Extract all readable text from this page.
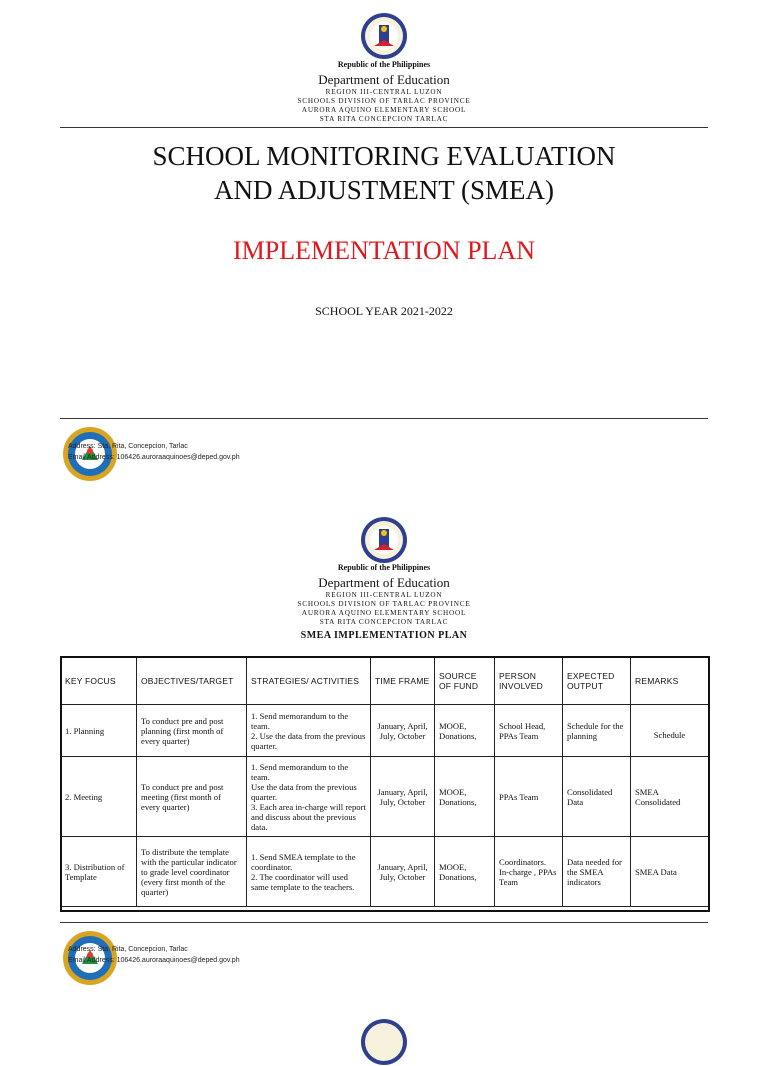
Republic of the Philippines
Department of Education
REGION III-CENTRAL LUZON
SCHOOLS DIVISION OF TARLAC PROVINCE
AURORA AQUINO ELEMENTARY SCHOOL
STA RITA CONCEPCION TARLAC
SCHOOL MONITORING EVALUATION
AND ADJUSTMENT (SMEA)
IMPLEMENTATION PLAN
SCHOOL YEAR 2021-2022
Address: Sta. Rita, Concepcion, Tarlac
Email Address: 106426.auroraaquinoes@deped.gov.ph
Republic of the Philippines
Department of Education
REGION III-CENTRAL LUZON
SCHOOLS DIVISION OF TARLAC PROVINCE
AURORA AQUINO ELEMENTARY SCHOOL
STA RITA CONCEPCION TARLAC
SMEA IMPLEMENTATION PLAN
KEY FOCUS	OBJECTIVES/TARGET	STRATEGIES/ ACTIVITIES	TIME FRAME	SOURCE OF FUND	PERSON INVOLVED	EXPECTED OUTPUT	REMARKS
1. Planning	To conduct pre and post planning (first month of every quarter)	1. Send memorandum to the team.
2. Use the data from the previous quarter.	January, April, July, October	MOOE, Donations,	School Head, PPAs Team	Schedule for the planning	Schedule
2. Meeting	To conduct pre and post meeting (first month of every quarter)	1. Send memorandum to the team.
Use the data from the previous quarter.
3. Each area in-charge will report and discuss about the previous data.	January, April, July, October	MOOE, Donations,	PPAs Team	Consolidated Data	SMEA Consolidated
3. Distribution of Template	To distribute the template with the particular indicator to grade level coordinator (every first month of the quarter)	1. Send SMEA template to the coordinator.
2. The coordinator will used same template to the teachers.	January, April, July, October	MOOE, Donations,	Coordinators. In-charge , PPAs Team	Data needed for the SMEA indicators	SMEA Data
Address: Sta. Rita, Concepcion, Tarlac
Email Address: 106426.auroraaquinoes@deped.gov.ph
